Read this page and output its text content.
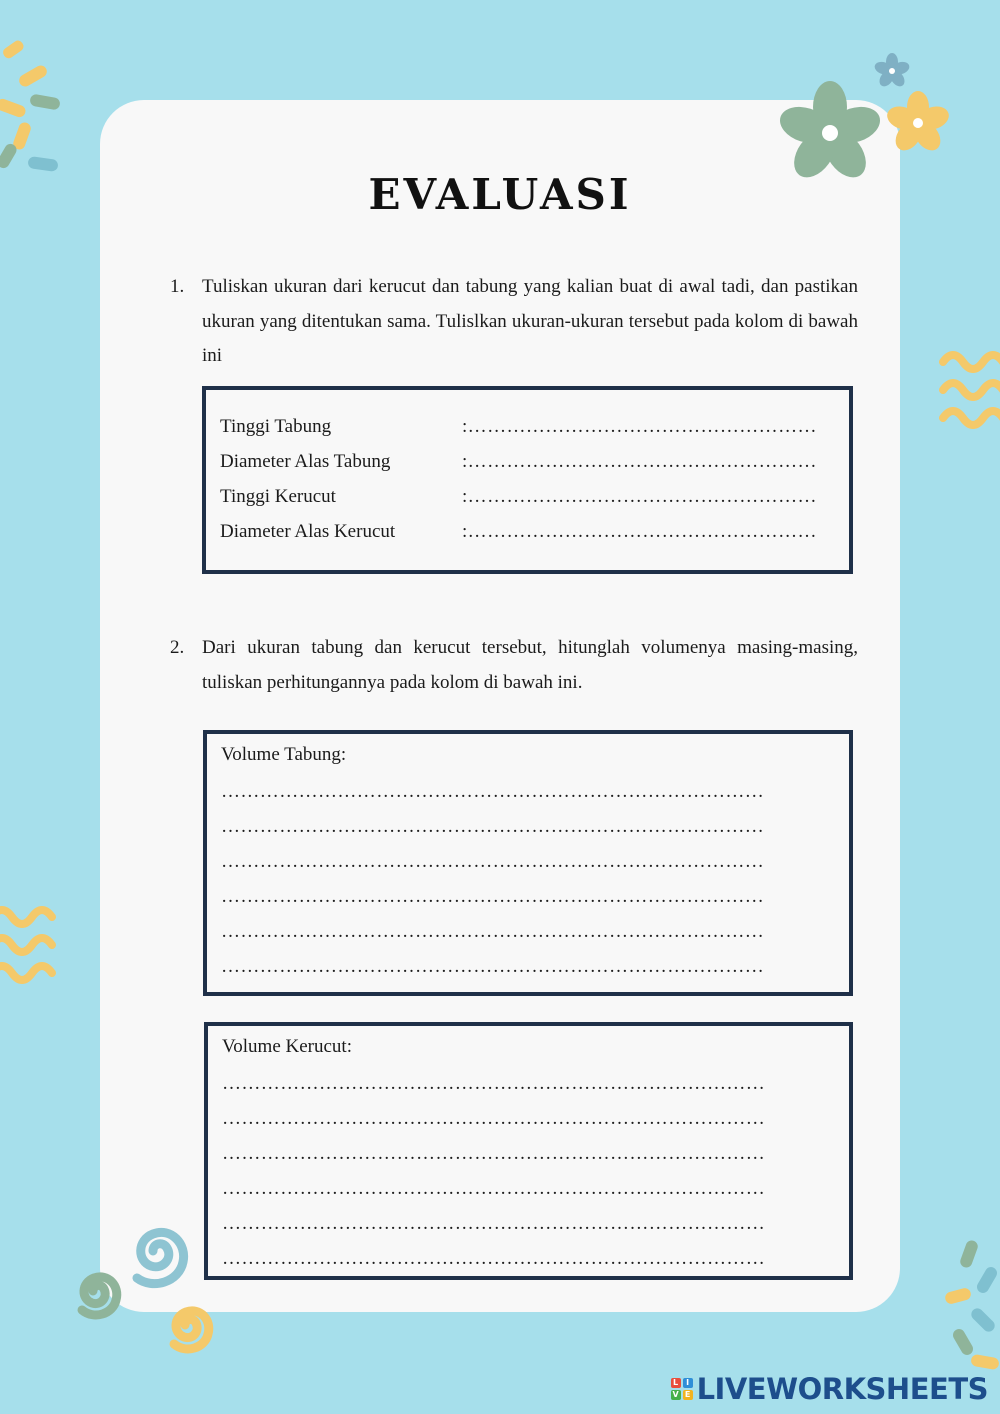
EVALUASI
1. Tuliskan ukuran dari kerucut dan tabung yang kalian buat di awal tadi, dan pastikan ukuran yang ditentukan sama. Tulislkan ukuran-ukuran tersebut pada kolom di bawah ini
Tinggi Tabung	:………………………………………………
Diameter Alas Tabung	:………………………………………………
Tinggi Kerucut	:………………………………………………
Diameter Alas Kerucut	:………………………………………………
2. Dari ukuran tabung dan kerucut tersebut, hitunglah volumenya masing-masing, tuliskan perhitungannya pada kolom di bawah ini.
Volume Tabung:
…………………………………………………………………………
…………………………………………………………………………
…………………………………………………………………………
…………………………………………………………………………
…………………………………………………………………………
…………………………………………………………………………
Volume Kerucut:
…………………………………………………………………………
…………………………………………………………………………
…………………………………………………………………………
…………………………………………………………………………
…………………………………………………………………………
…………………………………………………………………………
L I
V E LIVEWORKSHEETS
